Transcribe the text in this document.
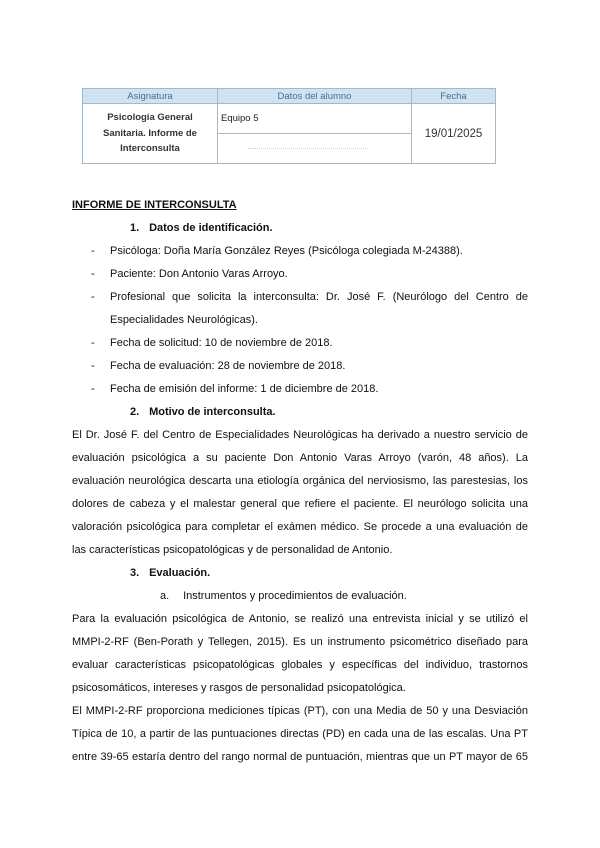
Asignatura	Datos del alumno	Fecha

Psicología General
Sanitaria. Informe de
Interconsulta	Equipo 5	19/01/2025

INFORME DE INTERCONSULTA

1. Datos de identificación.

- Psicóloga: Doña María González Reyes (Psicóloga colegiada M-24388).
- Paciente: Don Antonio Varas Arroyo.
- Profesional que solicita la interconsulta: Dr. José F. (Neurólogo del Centro de Especialidades Neurológicas).
- Fecha de solicitud: 10 de noviembre de 2018.
- Fecha de evaluación: 28 de noviembre de 2018.
- Fecha de emisión del informe: 1 de diciembre de 2018.

2. Motivo de interconsulta.

El Dr. José F. del Centro de Especialidades Neurológicas ha derivado a nuestro servicio de evaluación psicológica a su paciente Don Antonio Varas Arroyo (varón, 48 años). La evaluación neurológica descarta una etiología orgánica del nerviosismo, las parestesias, los dolores de cabeza y el malestar general que refiere el paciente. El neurólogo solicita una valoración psicológica para completar el exámen médico. Se procede a una evaluación de las características psicopatológicas y de personalidad de Antonio.

3. Evaluación.

a. Instrumentos y procedimientos de evaluación.

Para la evaluación psicológica de Antonio, se realizó una entrevista inicial y se utilizó el MMPI-2-RF (Ben-Porath y Tellegen, 2015). Es un instrumento psicométrico diseñado para evaluar características psicopatológicas globales y específicas del individuo, trastornos psicosomáticos, intereses y rasgos de personalidad psicopatológica.

El MMPI-2-RF proporciona mediciones típicas (PT), con una Media de 50 y una Desviación Típica de 10, a partir de las puntuaciones directas (PD) en cada una de las escalas. Una PT entre 39-65 estaría dentro del rango normal de puntuación, mientras que un PT mayor de 65
